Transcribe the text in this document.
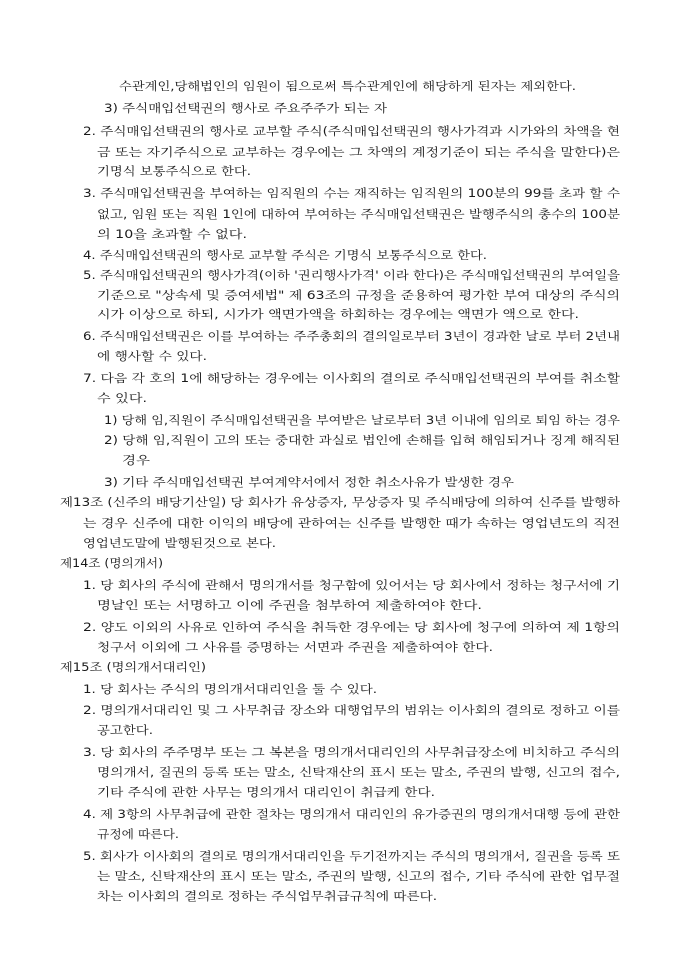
수관계인,당해법인의 임원이 됨으로써 특수관계인에 해당하게 된자는 제외한다.
3) 주식매입선택권의 행사로 주요주주가 되는 자
2. 주식매입선택권의 행사로 교부할 주식(주식매입선택권의 행사가격과 시가와의 차액을 현
금 또는 자기주식으로 교부하는 경우에는 그 차액의 계정기준이 되는 주식을 말한다)은
기명식 보통주식으로 한다.
3. 주식매입선택권을 부여하는 임직원의 수는 재직하는 임직원의 100분의 99를 초과 할 수
없고, 임원 또는 직원 1인에 대하여 부여하는 주식매입선택권은 발행주식의 총수의 100분
의 10을 초과할 수 없다.
4. 주식매입선택권의 행사로 교부할 주식은 기명식 보통주식으로 한다.
5. 주식매입선택권의 행사가격(이하 '권리행사가격' 이라 한다)은 주식매입선택권의 부여일을
기준으로 "상속세 및 증여세법" 제 63조의 규정을 준용하여 평가한 부여 대상의 주식의
시가 이상으로 하되, 시가가 액면가액을 하회하는 경우에는 액면가 액으로 한다.
6. 주식매입선택권은 이를 부여하는 주주총회의 결의일로부터 3년이 경과한 날로 부터 2년내
에 행사할 수 있다.
7. 다음 각 호의 1에 해당하는 경우에는 이사회의 결의로 주식매입선택권의 부여를 취소할
수 있다.
1) 당해 임,직원이 주식매입선택권을 부여받은 날로부터 3년 이내에 임의로 퇴임 하는 경우
2) 당해 임,직원이 고의 또는 중대한 과실로 법인에 손해를 입혀 해임되거나 징계 해직된
경우
3) 기타 주식매입선택권 부여계약서에서 정한 취소사유가 발생한 경우
제13조 (신주의 배당기산일) 당 회사가 유상증자, 무상증자 및 주식배당에 의하여 신주를 발행하
는 경우 신주에 대한 이익의 배당에 관하여는 신주를 발행한 때가 속하는 영업년도의 직전
영업년도말에 발행된것으로 본다.
제14조 (명의개서)
1. 당 회사의 주식에 관해서 명의개서를 청구함에 있어서는 당 회사에서 정하는 청구서에 기
명날인 또는 서명하고 이에 주권을 첨부하여 제출하여야 한다.
2. 양도 이외의 사유로 인하여 주식을 취득한 경우에는 당 회사에 청구에 의하여 제 1항의
청구서 이외에 그 사유를 증명하는 서면과 주권을 제출하여야 한다.
제15조 (명의개서대리인)
1. 당 회사는 주식의 명의개서대리인을 둘 수 있다.
2. 명의개서대리인 및 그 사무취급 장소와 대행업무의 범위는 이사회의 결의로 정하고 이를
공고한다.
3. 당 회사의 주주명부 또는 그 복본을 명의개서대리인의 사무취급장소에 비치하고 주식의
명의개서, 질권의 등록 또는 말소, 신탁재산의 표시 또는 말소, 주권의 발행, 신고의 접수,
기타 주식에 관한 사무는 명의개서 대리인이 취급케 한다.
4. 제 3항의 사무취급에 관한 절차는 명의개서 대리인의 유가증권의 명의개서대행 등에 관한
규정에 따른다.
5. 회사가 이사회의 결의로 명의개서대리인을 두기전까지는 주식의 명의개서, 질권을 등록 또
는 말소, 신탁재산의 표시 또는 말소, 주권의 발행, 신고의 접수, 기타 주식에 관한 업무절
차는 이사회의 결의로 정하는 주식업무취급규칙에 따른다.
